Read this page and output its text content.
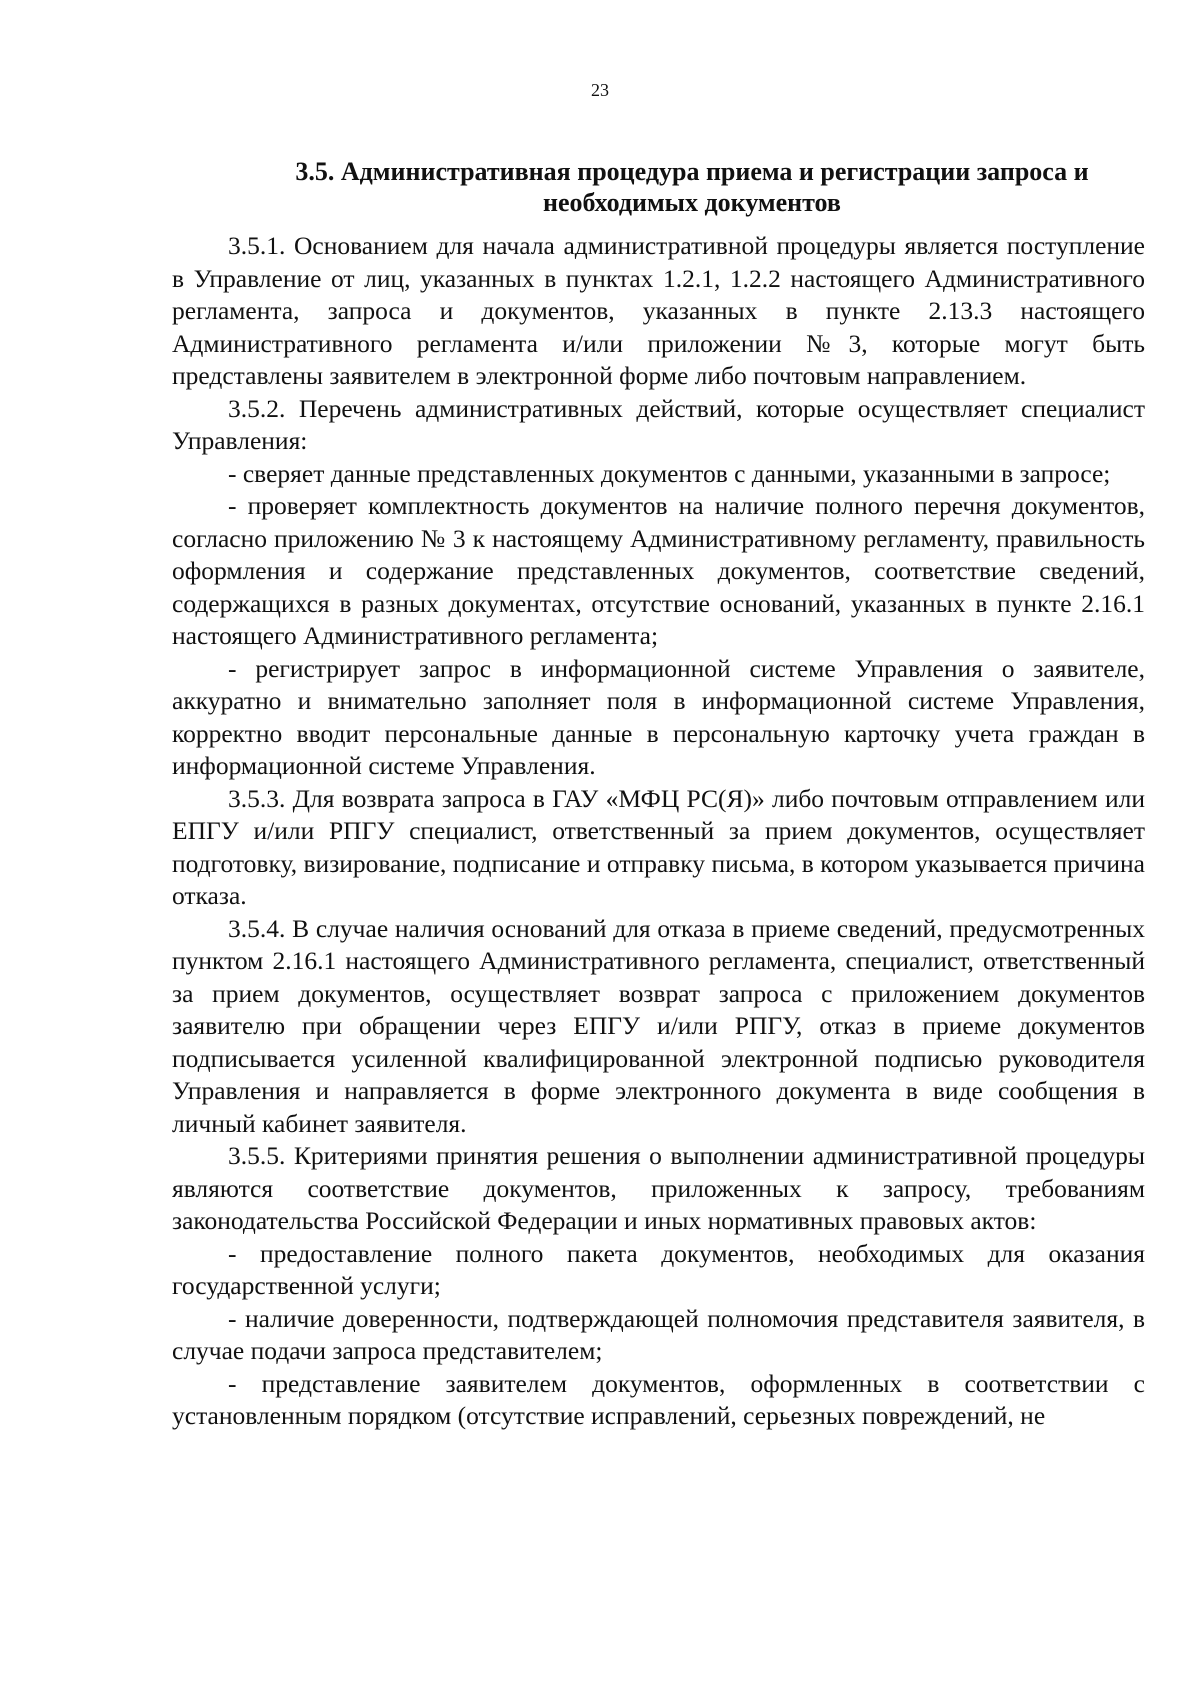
23
3.5. Административная процедура приема и регистрации запроса и
необходимых документов

3.5.1. Основанием для начала административной процедуры является поступление в Управление от лиц, указанных в пунктах 1.2.1, 1.2.2 настоящего Административного регламента, запроса и документов, указанных в пункте 2.13.3 настоящего Административного регламента и/или приложении №3, которые могут быть представлены заявителем в электронной форме либо почтовым направлением.

3.5.2. Перечень административных действий, которые осуществляет специалист Управления:

- сверяет данные представленных документов с данными, указанными в запросе;

- проверяет комплектность документов на наличие полного перечня документов, согласно приложению № 3 к настоящему Административному регламенту, правильность оформления и содержание представленных документов, соответствие сведений, содержащихся в разных документах, отсутствие оснований, указанных в пункте 2.16.1 настоящего Административного регламента;

- регистрирует запрос в информационной системе Управления о заявителе, аккуратно и внимательно заполняет поля в информационной системе Управления, корректно вводит персональные данные в персональную карточку учета граждан в информационной системе Управления.

3.5.3. Для возврата запроса в ГАУ «МФЦ РС(Я)» либо почтовым отправлением или ЕПГУ и/или РПГУ специалист, ответственный за прием документов, осуществляет подготовку, визирование, подписание и отправку письма, в котором указывается причина отказа.

3.5.4. В случае наличия оснований для отказа в приеме сведений, предусмотренных пунктом 2.16.1 настоящего Административного регламента, специалист, ответственный за прием документов, осуществляет возврат запроса с приложением документов заявителю при обращении через ЕПГУ и/или РПГУ, отказ в приеме документов подписывается усиленной квалифицированной электронной подписью руководителя Управления и направляется в форме электронного документа в виде сообщения в личный кабинет заявителя.

3.5.5. Критериями принятия решения о выполнении административной процедуры являются соответствие документов, приложенных к запросу, требованиям законодательства Российской Федерации и иных нормативных правовых актов:

- предоставление полного пакета документов, необходимых для оказания государственной услуги;

- наличие доверенности, подтверждающей полномочия представителя заявителя, в случае подачи запроса представителем;

- представление заявителем документов, оформленных в соответствии с установленным порядком (отсутствие исправлений, серьезных повреждений, не
